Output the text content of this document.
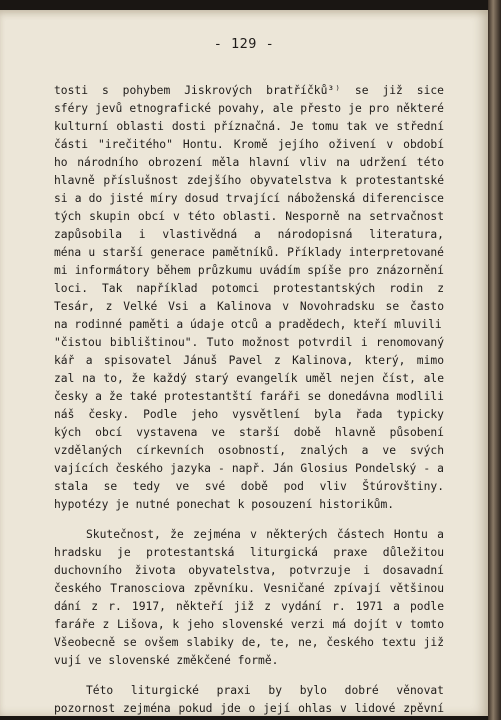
- 129 -
tosti s pohybem Jiskrových bratříčků³⁾ se již sice
sféry jevů etnografické povahy, ale přesto je pro některé
kulturní oblasti dosti příznačná. Je tomu tak ve střední
části "irečitého" Hontu. Kromě jejího oživení v období
ho národního obrození měla hlavní vliv na udržení této
hlavně příslušnost zdejšího obyvatelstva k protestantské
si a do jisté míry dosud trvající náboženská diferencisce
tých skupin obcí v této oblasti. Nesporně na setrvačnost
zapůsobila i vlastivědná a národopisná literatura,
ména u starší generace pamětníků. Příklady interpretované
mi informátory během průzkumu uvádím spíše pro znázornění
loci. Tak například potomci protestantských rodin z
Tesár, z Velké Vsi a Kalinova v Novohradsku se často
na rodinné paměti a údaje otců a pradědech, kteří mluvili
"čistou biblištinou". Tuto možnost potvrdil i renomovaný
kář a spisovatel Jánuš Pavel z Kalinova, který, mimo
zal na to, že každý starý evangelík uměl nejen číst, ale
česky a že také protestantští faráři se donedávna modlili
náš česky. Podle jeho vysvětlení byla řada typicky
kých obcí vystavena ve starší době hlavně působení
vzdělaných církevních osobností, znalých a ve svých
vajících českého jazyka - např. Ján Glosius Pondelský - a
stala se tedy ve své době pod vliv Štúrovštiny.
hypotézy je nutné ponechat k posouzení historikům.
Skutečnost, že zejména v některých částech Hontu a
hradsku je protestantská liturgická praxe důležitou
duchovního života obyvatelstva, potvrzuje i dosavadní
českého Tranosciova zpěvníku. Vesničané zpívají většinou
dání z r. 1917, někteří již z vydání r. 1971 a podle
faráře z Lišova, k jeho slovenské verzi má dojít v tomto
Všeobecně se ovšem slabiky de, te, ne, českého textu již
vují ve slovenské změkčené formě.
Této liturgické praxi by bylo dobré věnovat
pozornost zejména pokud jde o její ohlas v lidové zpěvní
